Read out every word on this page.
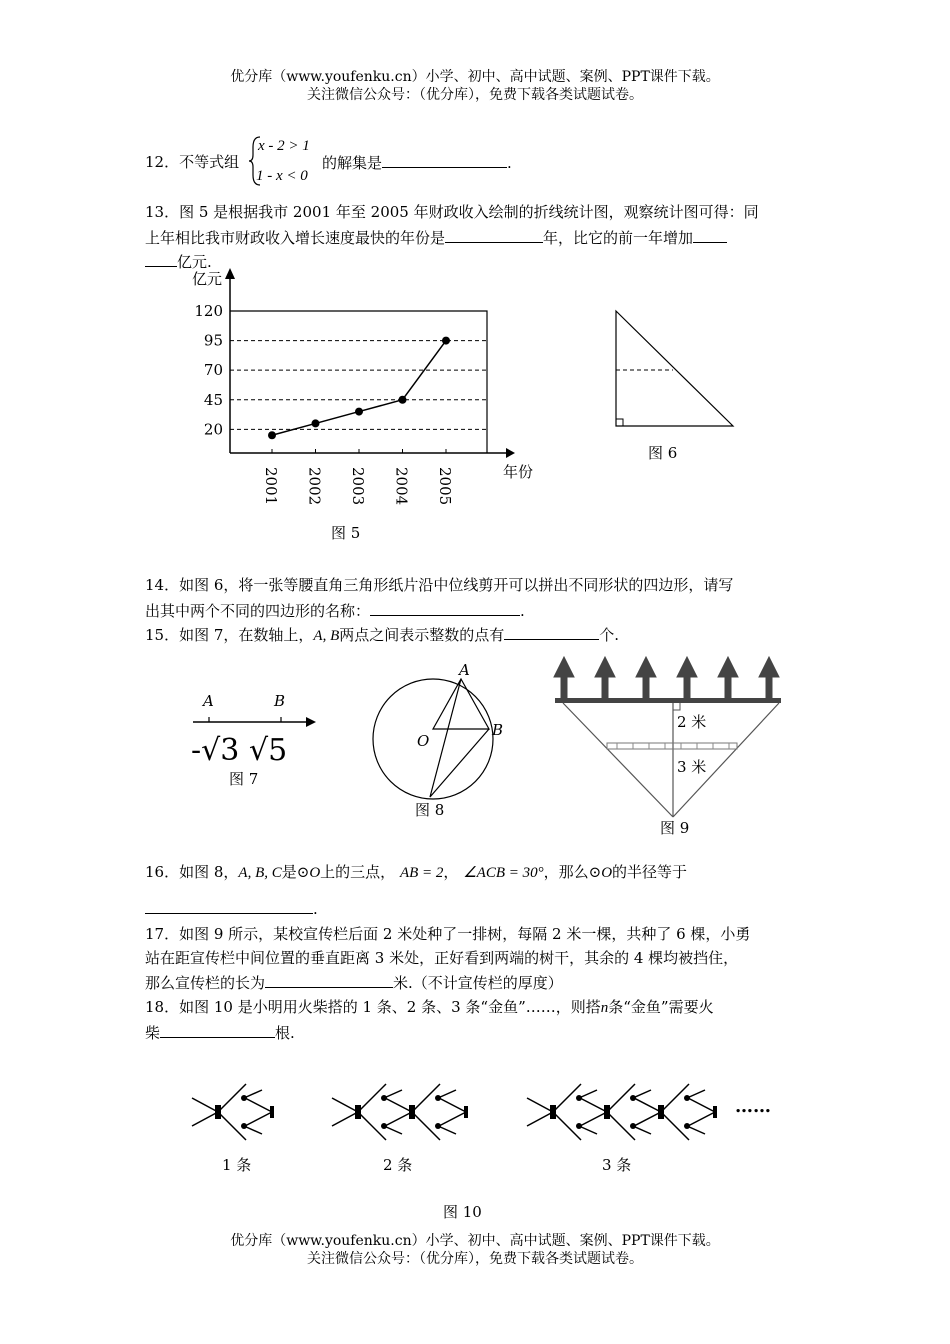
优分库（www.youfenku.cn）小学、初中、高中试题、案例、PPT课件下载。
关注微信公众号：（优分库），免费下载各类试题试卷。
12．不等式组
x - 2 > 1
1 - x < 0
的解集是	.
13．图 5 是根据我市 2001 年至 2005 年财政收入绘制的折线统计图，观察统计图可得：同
上年相比我市财政收入增长速度最快的年份是	年，比它的前一年增加
亿元.
亿元
年份
20
45
70
95
120
2001 2002 2003 2004 2005
图 5
图 6
14．如图 6，将一张等腰直角三角形纸片沿中位线剪开可以拼出不同形状的四边形，请写
出其中两个不同的四边形的名称：	.
15．如图 7，在数轴上，A, B两点之间表示整数的点有	个.
A	B
-√3 √5
图 7
A
B
O
图 8
2 米
3 米
图 9
16．如图 8，A, B, C是⊙O上的三点， AB = 2， ∠ACB = 30°，那么⊙O的半径等于
.
17．如图 9 所示，某校宣传栏后面 2 米处种了一排树，每隔 2 米一棵，共种了 6 棵，小勇
站在距宣传栏中间位置的垂直距离 3 米处，正好看到两端的树干，其余的 4 棵均被挡住，
那么宣传栏的长为	米.（不计宣传栏的厚度）
18．如图 10 是小明用火柴搭的 1 条、2 条、3 条“金鱼”……，则搭n条“金鱼”需要火
柴	根.
1 条	2 条	3 条
……
图 10
优分库（www.youfenku.cn）小学、初中、高中试题、案例、PPT课件下载。
关注微信公众号：（优分库），免费下载各类试题试卷。
